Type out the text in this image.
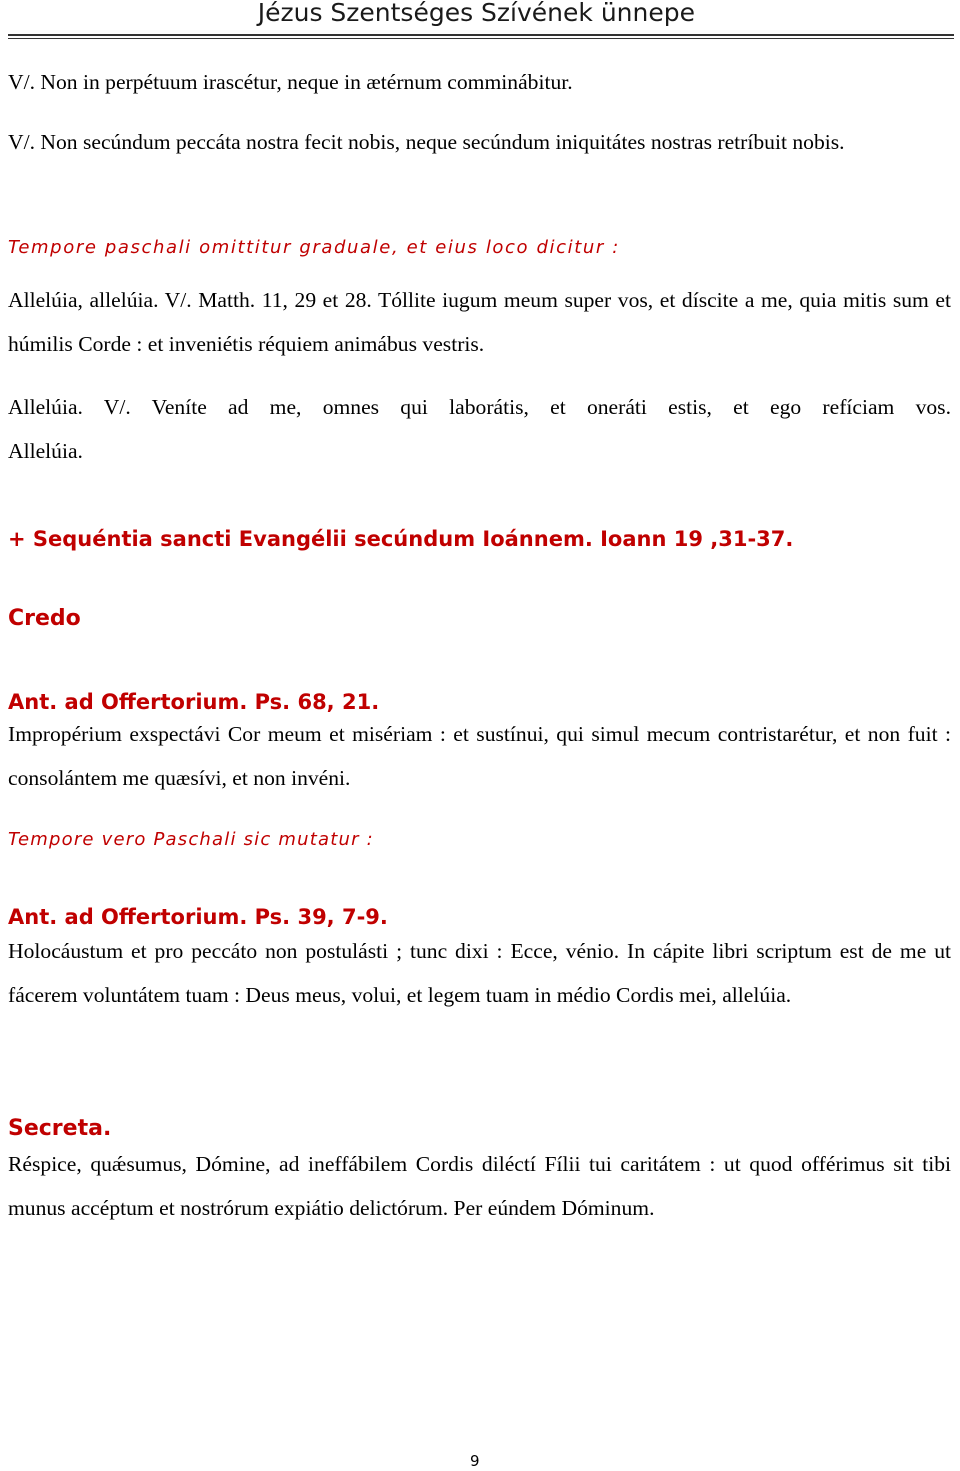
Jézus Szentséges Szívének ünnepe

V/. Non in perpétuum irascétur, neque in ætérnum comminábitur.

V/. Non secúndum peccáta nostra fecit nobis, neque secúndum iniquitátes nostras retríbuit nobis.

Tempore paschali omittitur graduale, et eius loco dicitur :

Allelúia, allelúia. V/. Matth. 11, 29 et 28. Tóllite iugum meum super vos, et díscite a me, quia mitis sum et húmilis Corde : et inveniétis réquiem animábus vestris.

Allelúia. V/. Veníte ad me, omnes qui laborátis, et oneráti estis, et ego refíciam vos.

Allelúia.

+ Sequéntia sancti Evangélii secúndum Ioánnem. Ioann 19 ,31-37.

Credo

Ant. ad Offertorium. Ps. 68, 21.

Impropérium exspectávi Cor meum et misériam : et sustínui, qui simul mecum contristarétur, et non fuit : consolántem me quæsívi, et non invéni.

Tempore vero Paschali sic mutatur :

Ant. ad Offertorium. Ps. 39, 7-9.

Holocáustum et pro peccáto non postulásti ; tunc dixi : Ecce, vénio. In cápite libri scriptum est de me ut fácerem voluntátem tuam : Deus meus, volui, et legem tuam in médio Cordis mei, allelúia.

Secreta.

Réspice, quǽsumus, Dómine, ad ineffábilem Cordis diléctí Fílii tui caritátem : ut quod offérimus sit tibi munus accéptum et nostrórum expiátio delictórum. Per eúndem Dóminum.

9
